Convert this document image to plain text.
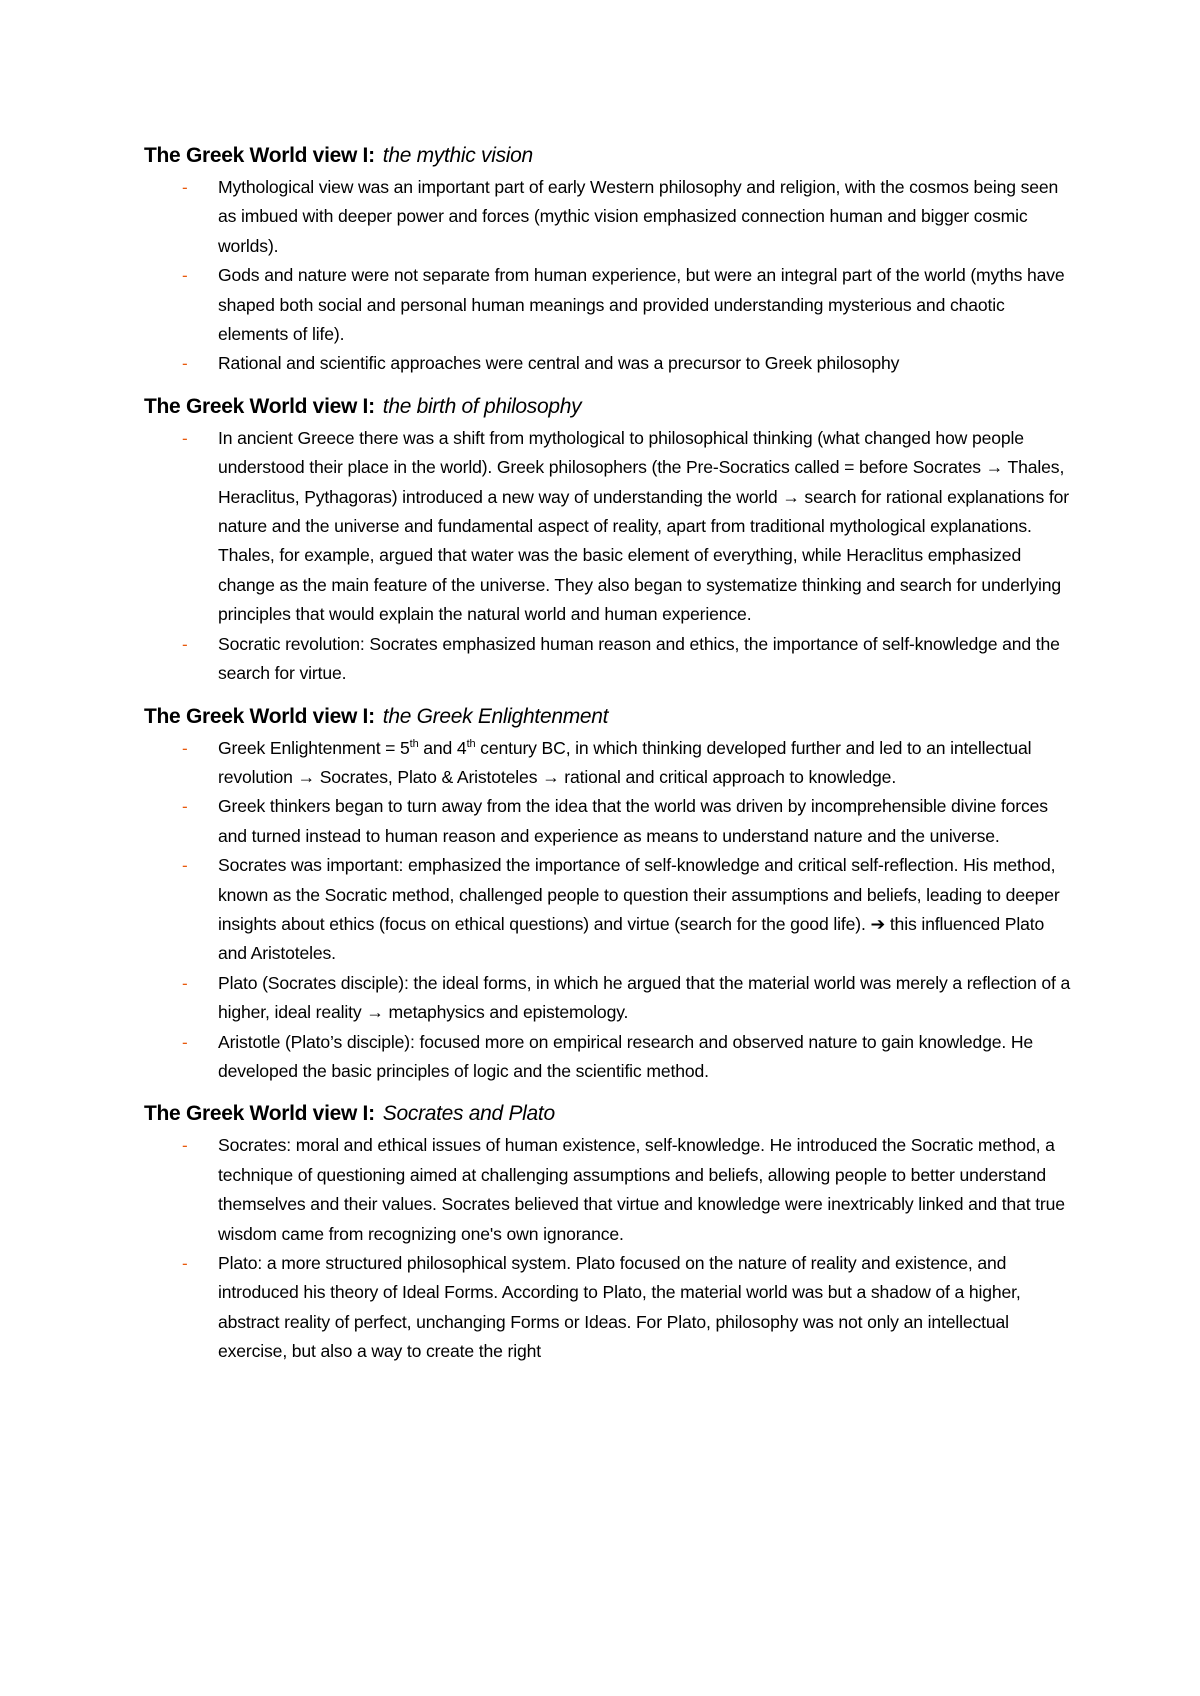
The Greek World view I: the mythic vision
- Mythological view was an important part of early Western philosophy and religion, with the cosmos being seen as imbued with deeper power and forces (mythic vision emphasized connection human and bigger cosmic worlds).
- Gods and nature were not separate from human experience, but were an integral part of the world (myths have shaped both social and personal human meanings and provided understanding mysterious and chaotic elements of life).
- Rational and scientific approaches were central and was a precursor to Greek philosophy
The Greek World view I: the birth of philosophy
- In ancient Greece there was a shift from mythological to philosophical thinking (what changed how people understood their place in the world). Greek philosophers (the Pre-Socratics called = before Socrates → Thales, Heraclitus, Pythagoras) introduced a new way of understanding the world → search for rational explanations for nature and the universe and fundamental aspect of reality, apart from traditional mythological explanations. Thales, for example, argued that water was the basic element of everything, while Heraclitus emphasized change as the main feature of the universe. They also began to systematize thinking and search for underlying principles that would explain the natural world and human experience.
- Socratic revolution: Socrates emphasized human reason and ethics, the importance of self-knowledge and the search for virtue.
The Greek World view I: the Greek Enlightenment
- Greek Enlightenment = 5th and 4th century BC, in which thinking developed further and led to an intellectual revolution → Socrates, Plato & Aristoteles → rational and critical approach to knowledge.
- Greek thinkers began to turn away from the idea that the world was driven by incomprehensible divine forces and turned instead to human reason and experience as means to understand nature and the universe.
- Socrates was important: emphasized the importance of self-knowledge and critical self-reflection. His method, known as the Socratic method, challenged people to question their assumptions and beliefs, leading to deeper insights about ethics (focus on ethical questions) and virtue (search for the good life). ➔ this influenced Plato and Aristoteles.
- Plato (Socrates disciple): the ideal forms, in which he argued that the material world was merely a reflection of a higher, ideal reality → metaphysics and epistemology.
- Aristotle (Plato’s disciple): focused more on empirical research and observed nature to gain knowledge. He developed the basic principles of logic and the scientific method.
The Greek World view I: Socrates and Plato
- Socrates: moral and ethical issues of human existence, self-knowledge. He introduced the Socratic method, a technique of questioning aimed at challenging assumptions and beliefs, allowing people to better understand themselves and their values. Socrates believed that virtue and knowledge were inextricably linked and that true wisdom came from recognizing one's own ignorance.
- Plato: a more structured philosophical system. Plato focused on the nature of reality and existence, and introduced his theory of Ideal Forms. According to Plato, the material world was but a shadow of a higher, abstract reality of perfect, unchanging Forms or Ideas. For Plato, philosophy was not only an intellectual exercise, but also a way to create the right
